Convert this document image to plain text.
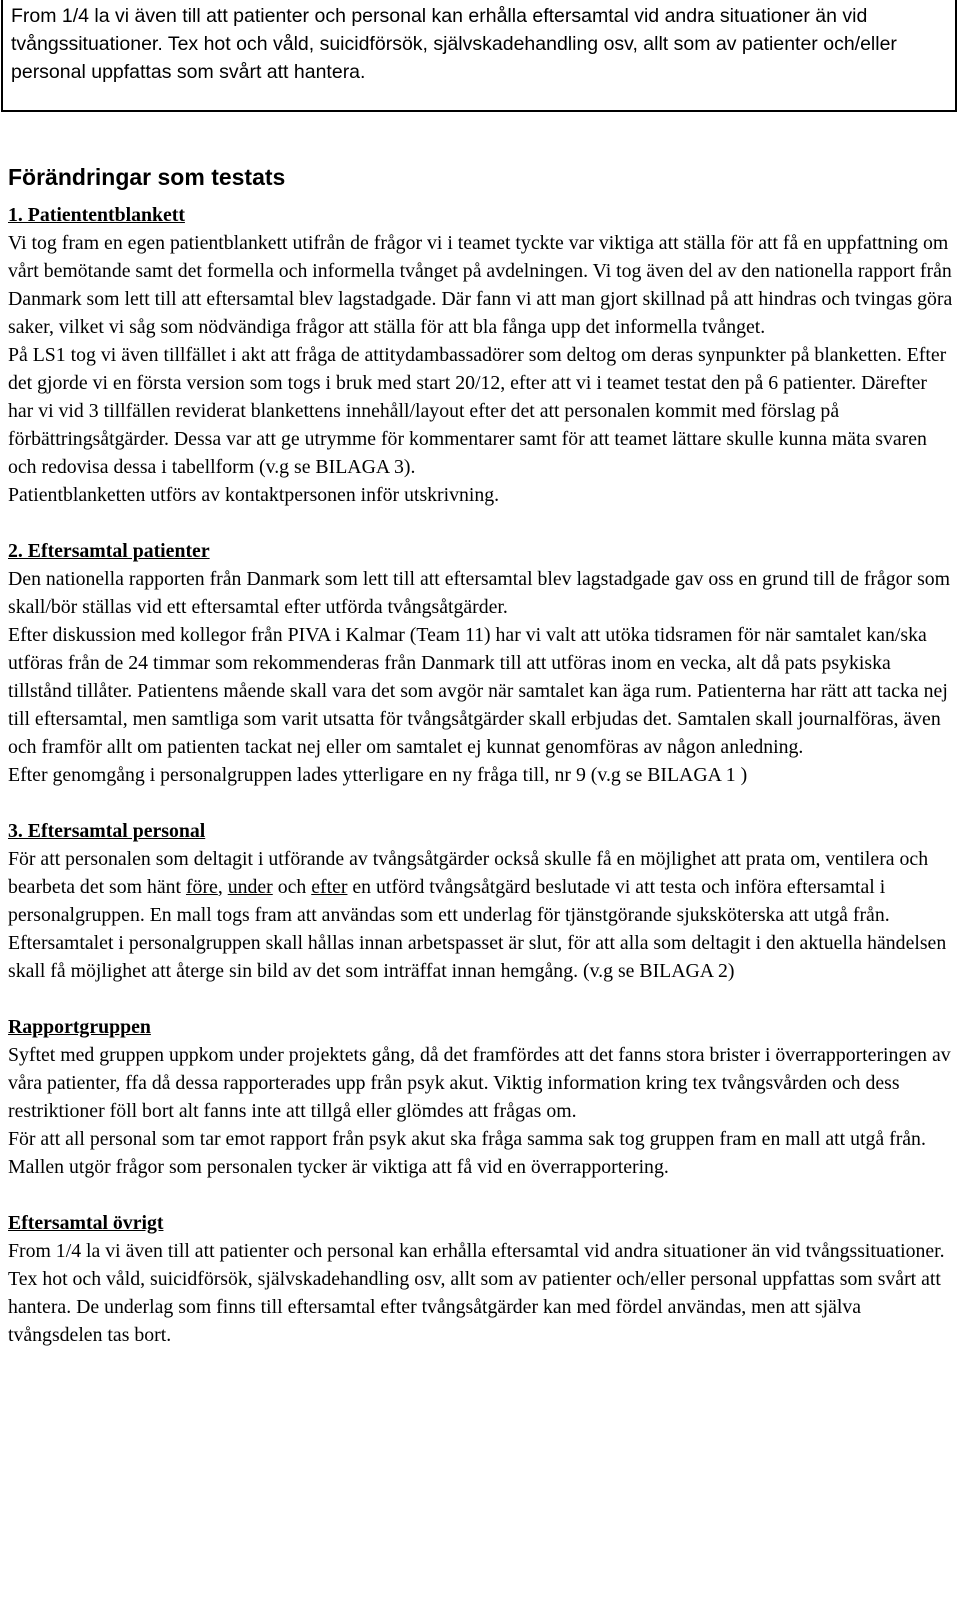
From 1/4 la vi även till att patienter och personal kan erhålla eftersamtal vid andra situationer än vid tvångssituationer. Tex hot och våld, suicidförsök, självskadehandling osv, allt som av patienter och/eller personal uppfattas som svårt att hantera.
Förändringar som testats
1. Patiententblankett

Vi tog fram en egen patientblankett utifrån de frågor vi i teamet tyckte var viktiga att ställa för att få en uppfattning om vårt bemötande samt det formella och informella tvånget på avdelningen. Vi tog även del av den nationella rapport från Danmark som lett till att eftersamtal blev lagstadgade. Där fann vi att man gjort skillnad på att hindras och tvingas göra saker, vilket vi såg som nödvändiga frågor att ställa för att bla fånga upp det informella tvånget.

På LS1 tog vi även tillfället i akt att fråga de attitydambassadörer som deltog om deras synpunkter på blanketten. Efter det gjorde vi en första version som togs i bruk med start 20/12, efter att vi i teamet testat den på 6 patienter. Därefter har vi vid 3 tillfällen reviderat blankettens innehåll/layout efter det att personalen kommit med förslag på förbättringsåtgärder. Dessa var att ge utrymme för kommentarer samt för att teamet lättare skulle kunna mäta svaren och redovisa dessa i tabellform (v.g se BILAGA 3).

Patientblanketten utförs av kontaktpersonen inför utskrivning.

2. Eftersamtal patienter

Den nationella rapporten från Danmark som lett till att eftersamtal blev lagstadgade gav oss en grund till de frågor som skall/bör ställas vid ett eftersamtal efter utförda tvångsåtgärder.

Efter diskussion med kollegor från PIVA i Kalmar (Team 11) har vi valt att utöka tidsramen för när samtalet kan/ska utföras från de 24 timmar som rekommenderas från Danmark till att utföras inom en vecka, alt då pats psykiska tillstånd tillåter. Patientens mående skall vara det som avgör när samtalet kan äga rum. Patienterna har rätt att tacka nej till eftersamtal, men samtliga som varit utsatta för tvångsåtgärder skall erbjudas det. Samtalen skall journalföras, även och framför allt om patienten tackat nej eller om samtalet ej kunnat genomföras av någon anledning.

Efter genomgång i personalgruppen lades ytterligare en ny fråga till, nr 9 (v.g se BILAGA 1 )

3. Eftersamtal personal

För att personalen som deltagit i utförande av tvångsåtgärder också skulle få en möjlighet att prata om, ventilera och bearbeta det som hänt före, under och efter en utförd tvångsåtgärd beslutade vi att testa och införa eftersamtal i personalgruppen. En mall togs fram att användas som ett underlag för tjänstgörande sjuksköterska att utgå från. Eftersamtalet i personalgruppen skall hållas innan arbetspasset är slut, för att alla som deltagit i den aktuella händelsen skall få möjlighet att återge sin bild av det som inträffat innan hemgång. (v.g se BILAGA 2)

Rapportgruppen

Syftet med gruppen uppkom under projektets gång, då det framfördes att det fanns stora brister i överrapporteringen av våra patienter, ffa då dessa rapporterades upp från psyk akut. Viktig information kring tex tvångsvården och dess restriktioner föll bort alt fanns inte att tillgå eller glömdes att frågas om.

För att all personal som tar emot rapport från psyk akut ska fråga samma sak tog gruppen fram en mall att utgå från. Mallen utgör frågor som personalen tycker är viktiga att få vid en överrapportering.

Eftersamtal övrigt

From 1/4 la vi även till att patienter och personal kan erhålla eftersamtal vid andra situationer än vid tvångssituationer. Tex hot och våld, suicidförsök, självskadehandling osv, allt som av patienter och/eller personal uppfattas som svårt att hantera. De underlag som finns till eftersamtal efter tvångsåtgärder kan med fördel användas, men att själva tvångsdelen tas bort.
